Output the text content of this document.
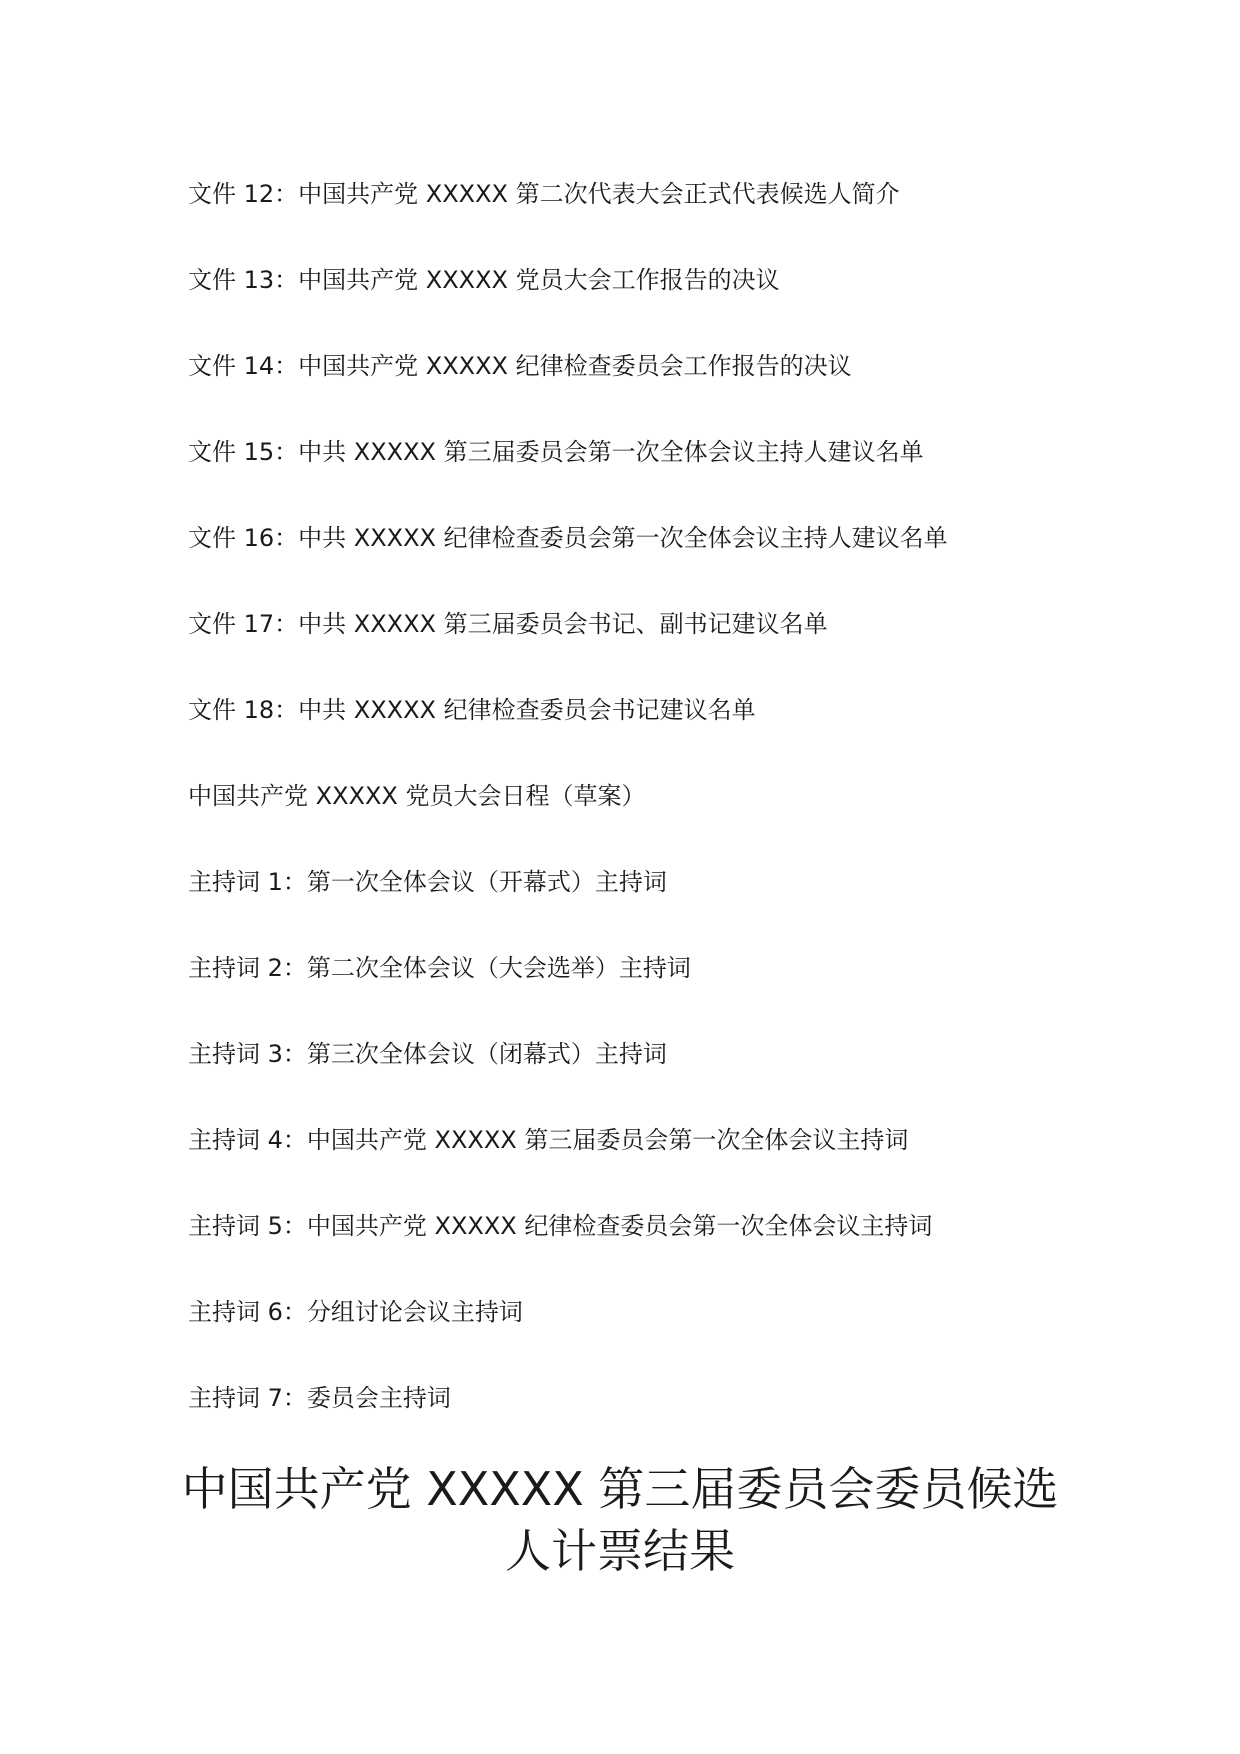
文件 12：中国共产党 XXXXX 第二次代表大会正式代表候选人简介
文件 13：中国共产党 XXXXX 党员大会工作报告的决议
文件 14：中国共产党 XXXXX 纪律检查委员会工作报告的决议
文件 15：中共 XXXXX 第三届委员会第一次全体会议主持人建议名单
文件 16：中共 XXXXX 纪律检查委员会第一次全体会议主持人建议名单
文件 17：中共 XXXXX 第三届委员会书记、副书记建议名单
文件 18：中共 XXXXX 纪律检查委员会书记建议名单
中国共产党 XXXXX 党员大会日程（草案）
主持词 1：第一次全体会议（开幕式）主持词
主持词 2：第二次全体会议（大会选举）主持词
主持词 3：第三次全体会议（闭幕式）主持词
主持词 4：中国共产党 XXXXX 第三届委员会第一次全体会议主持词
主持词 5：中国共产党 XXXXX 纪律检查委员会第一次全体会议主持词
主持词 6：分组讨论会议主持词
主持词 7：委员会主持词
中国共产党 XXXXX 第三届委员会委员候选
人计票结果
